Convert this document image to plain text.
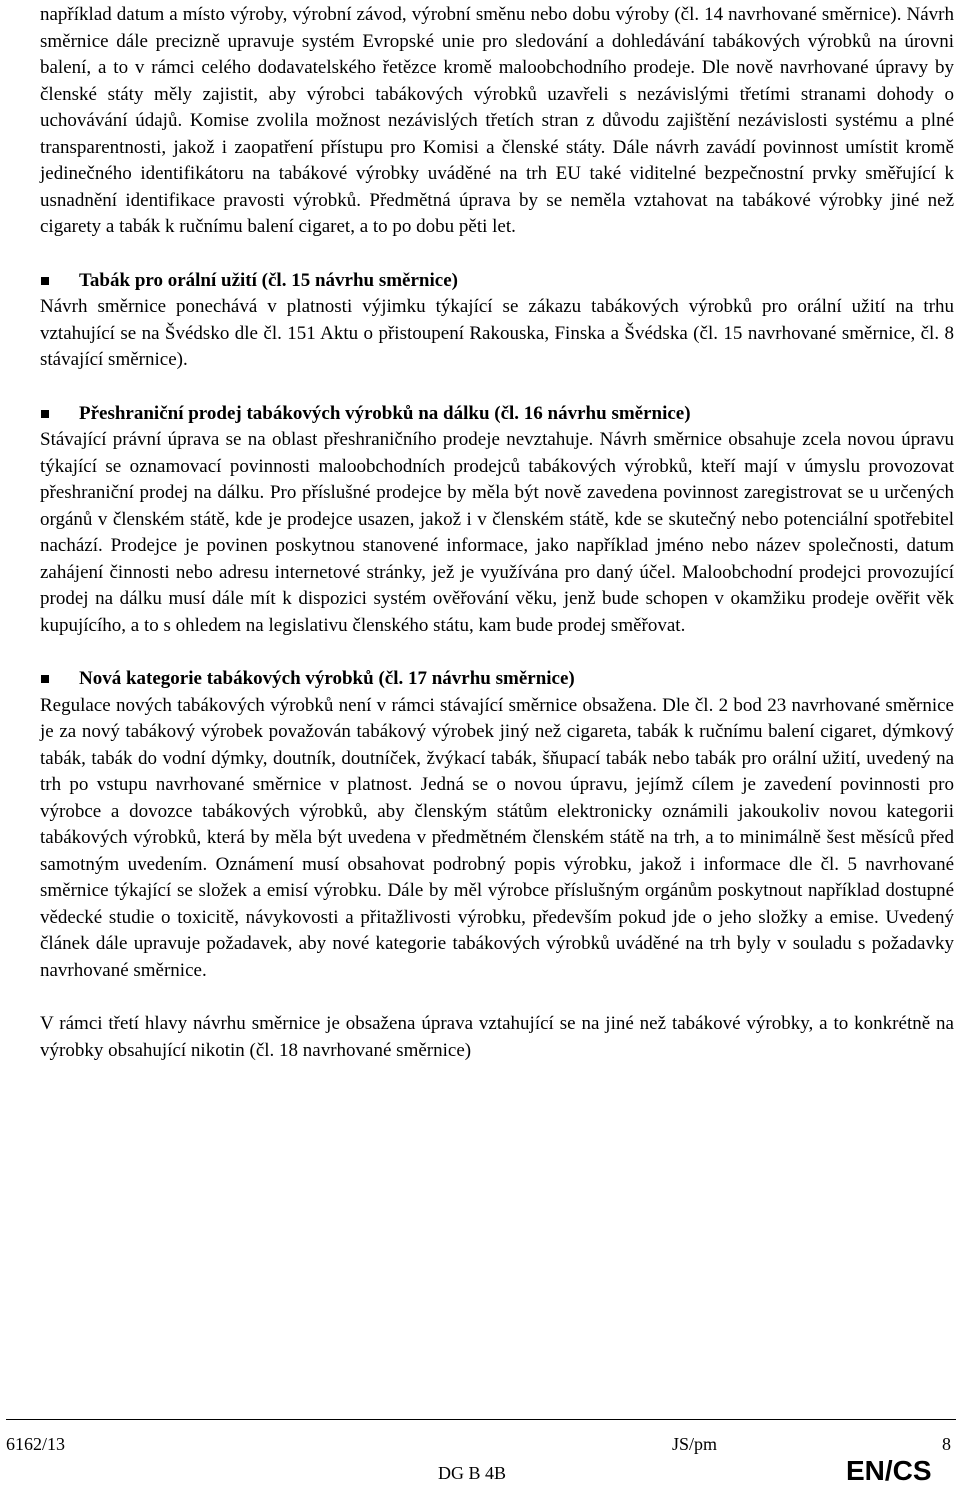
například datum a místo výroby, výrobní závod, výrobní směnu nebo dobu výroby (čl. 14 navrhované směrnice). Návrh směrnice dále precizně upravuje systém Evropské unie pro sledování a dohledávání tabákových výrobků na úrovni balení, a to v rámci celého dodavatelského řetězce kromě maloobchodního prodeje. Dle nově navrhované úpravy by členské státy měly zajistit, aby výrobci tabákových výrobků uzavřeli s nezávislými třetími stranami dohody o uchovávání údajů. Komise zvolila možnost nezávislých třetích stran z důvodu zajištění nezávislosti systému a plné transparentnosti, jakož i zaopatření přístupu pro Komisi a členské státy. Dále návrh zavádí povinnost umístit kromě jedinečného identifikátoru na tabákové výrobky uváděné na trh EU také viditelné bezpečnostní prvky směřující k usnadnění identifikace pravosti výrobků. Předmětná úprava by se neměla vztahovat na tabákové výrobky jiné než cigarety a tabák k ručnímu balení cigaret, a to po dobu pěti let.

Tabák pro orální užití (čl. 15 návrhu směrnice)

Návrh směrnice ponechává v platnosti výjimku týkající se zákazu tabákových výrobků pro orální užití na trhu vztahující se na Švédsko dle čl. 151 Aktu o přistoupení Rakouska, Finska a Švédska (čl. 15 navrhované směrnice, čl. 8 stávající směrnice).

Přeshraniční prodej tabákových výrobků na dálku (čl. 16 návrhu směrnice)

Stávající právní úprava se na oblast přeshraničního prodeje nevztahuje. Návrh směrnice obsahuje zcela novou úpravu týkající se oznamovací povinnosti maloobchodních prodejců tabákových výrobků, kteří mají v úmyslu provozovat přeshraniční prodej na dálku. Pro příslušné prodejce by měla být nově zavedena povinnost zaregistrovat se u určených orgánů v členském státě, kde je prodejce usazen, jakož i v členském státě, kde se skutečný nebo potenciální spotřebitel nachází. Prodejce je povinen poskytnou stanovené informace, jako například jméno nebo název společnosti, datum zahájení činnosti nebo adresu internetové stránky, jež je využívána pro daný účel. Maloobchodní prodejci provozující prodej na dálku musí dále mít k dispozici systém ověřování věku, jenž bude schopen v okamžiku prodeje ověřit věk kupujícího, a to s ohledem na legislativu členského státu, kam bude prodej směřovat.

Nová kategorie tabákových výrobků (čl. 17 návrhu směrnice)

Regulace nových tabákových výrobků není v rámci stávající směrnice obsažena. Dle čl. 2 bod 23 navrhované směrnice je za nový tabákový výrobek považován tabákový výrobek jiný než cigareta, tabák k ručnímu balení cigaret, dýmkový tabák, tabák do vodní dýmky, doutník, doutníček, žvýkací tabák, šňupací tabák nebo tabák pro orální užití, uvedený na trh po vstupu navrhované směrnice v platnost. Jedná se o novou úpravu, jejímž cílem je zavedení povinnosti pro výrobce a dovozce tabákových výrobků, aby členským státům elektronicky oznámili jakoukoliv novou kategorii tabákových výrobků, která by měla být uvedena v předmětném členském státě na trh, a to minimálně šest měsíců před samotným uvedením. Oznámení musí obsahovat podrobný popis výrobku, jakož i informace dle čl. 5 navrhované směrnice týkající se složek a emisí výrobku. Dále by měl výrobce příslušným orgánům poskytnout například dostupné vědecké studie o toxicitě, návykovosti a přitažlivosti výrobku, především pokud jde o jeho složky a emise. Uvedený článek dále upravuje požadavek, aby nové kategorie tabákových výrobků uváděné na trh byly v souladu s požadavky navrhované směrnice.

V rámci třetí hlavy návrhu směrnice je obsažena úprava vztahující se na jiné než tabákové výrobky, a to konkrétně na výrobky obsahující nikotin (čl. 18 navrhované směrnice)

6162/13	JS/pm	8
DG B 4B	EN/CS
